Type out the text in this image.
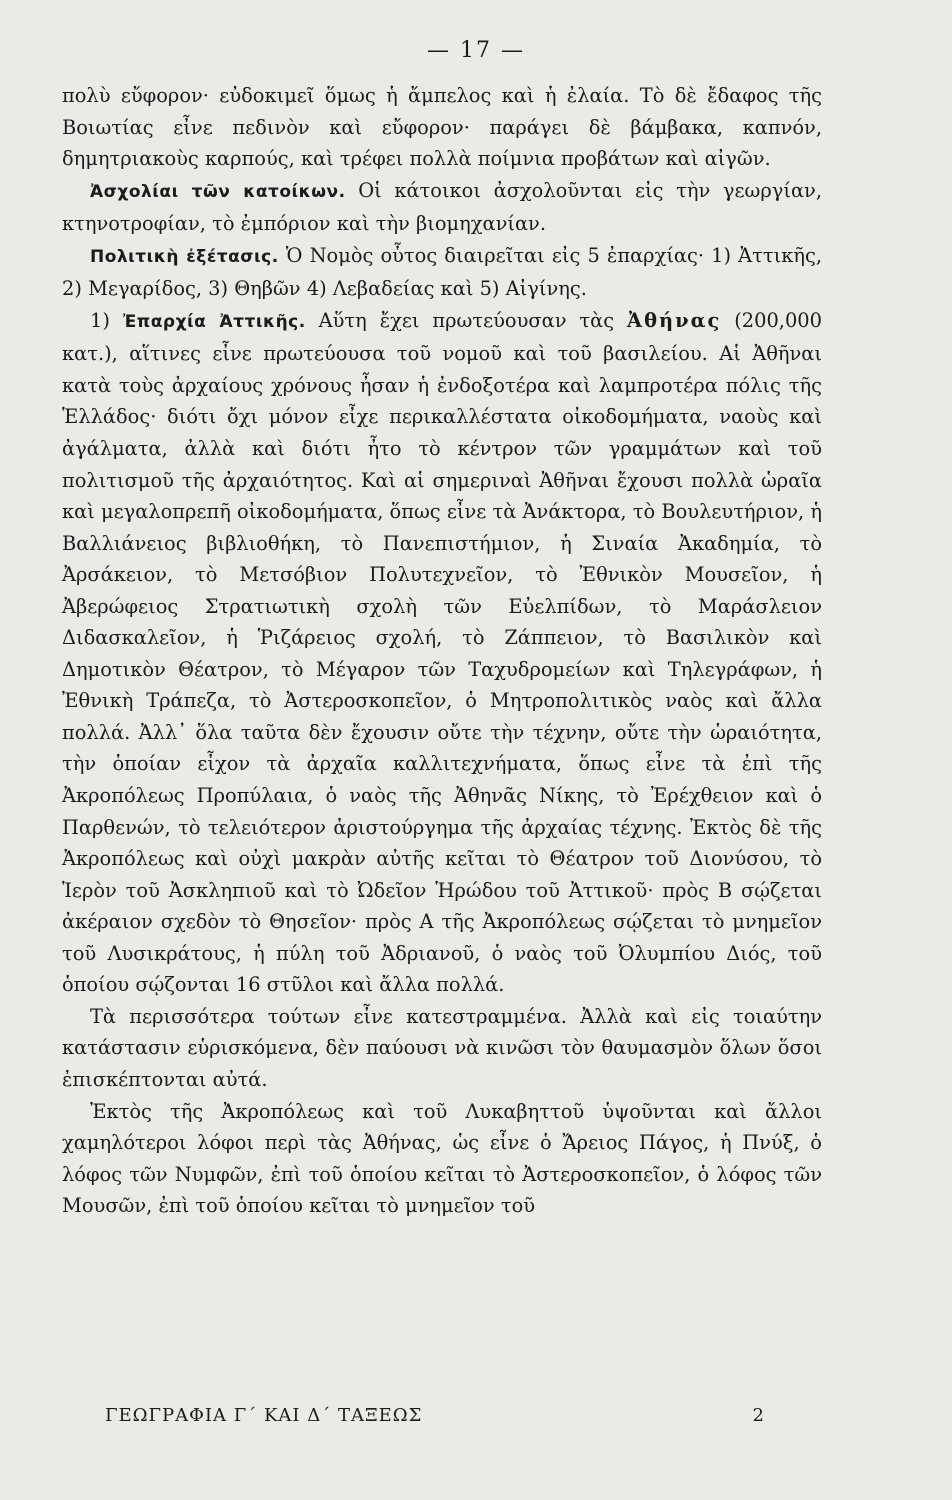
— 17 —

πολὺ εὔφορον· εὐδοκιμεῖ ὅμως ἡ ἄμπελος καὶ ἡ ἐλαία. Τὸ δὲ ἔδαφος τῆς Βοιωτίας εἶνε πεδινὸν καὶ εὔφορον· παράγει δὲ βάμβακα, καπνόν, δημητριακοὺς καρπούς, καὶ τρέφει πολλὰ ποίμνια προβάτων καὶ αἰγῶν.

Ἀσχολίαι τῶν κατοίκων. Οἱ κάτοικοι ἀσχολοῦνται εἰς τὴν γεωργίαν, κτηνοτροφίαν, τὸ ἐμπόριον καὶ τὴν βιομηχανίαν.

Πολιτικὴ ἐξέτασις. Ὁ Νομὸς οὗτος διαιρεῖται εἰς 5 ἐπαρχίας· 1) Ἀττικῆς, 2) Μεγαρίδος, 3) Θηβῶν 4) Λεβαδείας καὶ 5) Αἰγίνης.

1) Ἐπαρχία Ἀττικῆς. Αὕτη ἔχει πρωτεύουσαν τὰς Ἀθήνας (200,000 κατ.), αἵτινες εἶνε πρωτεύουσα τοῦ νομοῦ καὶ τοῦ βασιλείου. Αἱ Ἀθῆναι κατὰ τοὺς ἀρχαίους χρόνους ἦσαν ἡ ἐνδοξοτέρα καὶ λαμπροτέρα πόλις τῆς Ἑλλάδος· διότι ὄχι μόνον εἶχε περικαλλέστατα οἰκοδομήματα, ναοὺς καὶ ἀγάλματα, ἀλλὰ καὶ διότι ἦτο τὸ κέντρον τῶν γραμμάτων καὶ τοῦ πολιτισμοῦ τῆς ἀρχαιότητος. Καὶ αἱ σημεριναὶ Ἀθῆναι ἔχουσι πολλὰ ὡραῖα καὶ μεγαλοπρεπῆ οἰκοδομήματα, ὅπως εἶνε τὰ Ἀνάκτορα, τὸ Βουλευτήριον, ἡ Βαλλιάνειος βιβλιοθήκη, τὸ Πανεπιστήμιον, ἡ Σιναία Ἀκαδημία, τὸ Ἀρσάκειον, τὸ Μετσόβιον Πολυτεχνεῖον, τὸ Ἐθνικὸν Μουσεῖον, ἡ Ἀβερώφειος Στρατιωτικὴ σχολὴ τῶν Εὐελπίδων, τὸ Μαράσλειον Διδασκαλεῖον, ἡ Ῥιζάρειος σχολή, τὸ Ζάππειον, τὸ Βασιλικὸν καὶ Δημοτικὸν Θέατρον, τὸ Μέγαρον τῶν Ταχυδρομείων καὶ Τηλεγράφων, ἡ Ἐθνικὴ Τράπεζα, τὸ Ἀστεροσκοπεῖον, ὁ Μητροπολιτικὸς ναὸς καὶ ἄλλα πολλά. Ἀλλ᾽ ὅλα ταῦτα δὲν ἔχουσιν οὔτε τὴν τέχνην, οὔτε τὴν ὡραιότητα, τὴν ὁποίαν εἶχον τὰ ἀρχαῖα καλλιτεχνήματα, ὅπως εἶνε τὰ ἐπὶ τῆς Ἀκροπόλεως Προπύλαια, ὁ ναὸς τῆς Ἀθηνᾶς Νίκης, τὸ Ἐρέχθειον καὶ ὁ Παρθενών, τὸ τελειότερον ἀριστούργημα τῆς ἀρχαίας τέχνης. Ἐκτὸς δὲ τῆς Ἀκροπόλεως καὶ οὐχὶ μακρὰν αὐτῆς κεῖται τὸ Θέατρον τοῦ Διονύσου, τὸ Ἱερὸν τοῦ Ἀσκληπιοῦ καὶ τὸ Ὠδεῖον Ἡρώδου τοῦ Ἀττικοῦ· πρὸς Β σῴζεται ἀκέραιον σχεδὸν τὸ Θησεῖον· πρὸς Α τῆς Ἀκροπόλεως σῴζεται τὸ μνημεῖον τοῦ Λυσικράτους, ἡ πύλη τοῦ Ἀδριανοῦ, ὁ ναὸς τοῦ Ὀλυμπίου Διός, τοῦ ὁποίου σῴζονται 16 στῦλοι καὶ ἄλλα πολλά.

Τὰ περισσότερα τούτων εἶνε κατεστραμμένα. Ἀλλὰ καὶ εἰς τοιαύτην κατάστασιν εὑρισκόμενα, δὲν παύουσι νὰ κινῶσι τὸν θαυμασμὸν ὅλων ὅσοι ἐπισκέπτονται αὐτά.

Ἐκτὸς τῆς Ἀκροπόλεως καὶ τοῦ Λυκαβηττοῦ ὑψοῦνται καὶ ἄλλοι χαμηλότεροι λόφοι περὶ τὰς Ἀθήνας, ὡς εἶνε ὁ Ἄρειος Πάγος, ἡ Πνύξ, ὁ λόφος τῶν Νυμφῶν, ἐπὶ τοῦ ὁποίου κεῖται τὸ Ἀστεροσκοπεῖον, ὁ λόφος τῶν Μουσῶν, ἐπὶ τοῦ ὁποίου κεῖται τὸ μνημεῖον τοῦ

ΓΕΩΓΡΑΦΙΑ Γ΄ ΚΑΙ Δ΄ ΤΑΞΕΩΣ	2
